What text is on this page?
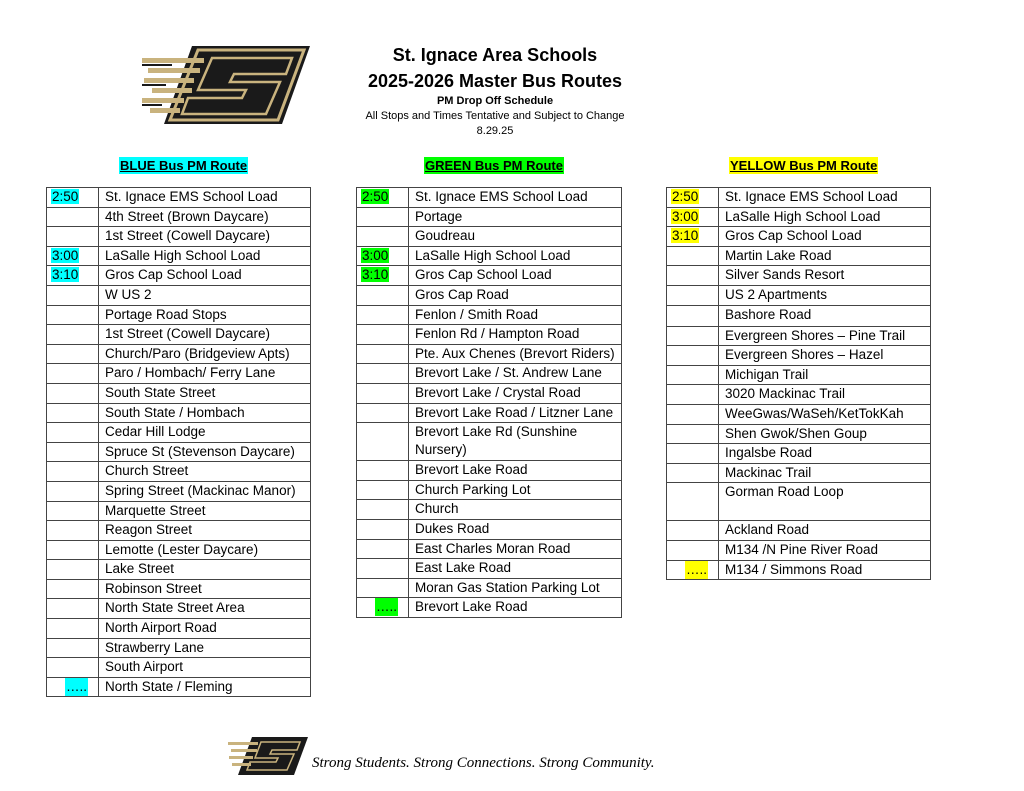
St. Ignace Area Schools
2025-2026 Master Bus Routes
PM Drop Off Schedule
All Stops and Times Tentative and Subject to Change
8.29.25
BLUE Bus PM Route	GREEN Bus PM Route	YELLOW Bus PM Route
2:50	St. Ignace EMS School Load
	4th Street (Brown Daycare)
	1st Street (Cowell Daycare)
3:00	LaSalle High School Load
3:10	Gros Cap School Load
	W US 2
	Portage Road Stops
	1st Street (Cowell Daycare)
	Church/Paro (Bridgeview Apts)
	Paro / Hombach/ Ferry Lane
	South State Street
	South State / Hombach
	Cedar Hill Lodge
	Spruce St (Stevenson Daycare)
	Church Street
	Spring Street (Mackinac Manor)
	Marquette Street
	Reagon Street
	Lemotte (Lester Daycare)
	Lake Street
	Robinson Street
	North State Street Area
	North Airport Road
	Strawberry Lane
	South Airport
…..	North State / Fleming
2:50	St. Ignace EMS School Load
	Portage
	Goudreau
3:00	LaSalle High School Load
3:10	Gros Cap School Load
	Gros Cap Road
	Fenlon / Smith Road
	Fenlon Rd / Hampton Road
	Pte. Aux Chenes (Brevort Riders)
	Brevort Lake / St. Andrew Lane
	Brevort Lake / Crystal Road
	Brevort Lake Road / Litzner Lane
	Brevort Lake Rd (Sunshine Nursery)
	Brevort Lake Road
	Church Parking Lot
	Church
	Dukes Road
	East Charles Moran Road
	East Lake Road
	Moran Gas Station Parking Lot
…..	Brevort Lake Road
2:50	St. Ignace EMS School Load
3:00	LaSalle High School Load
3:10	Gros Cap School Load
	Martin Lake Road
	Silver Sands Resort
	US 2 Apartments
	Bashore Road
	Evergreen Shores – Pine Trail
	Evergreen Shores – Hazel
	Michigan Trail
	3020 Mackinac Trail
	WeeGwas/WaSeh/KetTokKah
	Shen Gwok/Shen Goup
	Ingalsbe Road
	Mackinac Trail
	Gorman Road Loop
	Ackland Road
	M134 /N Pine River Road
…..	M134 / Simmons Road
Strong Students. Strong Connections. Strong Community.
